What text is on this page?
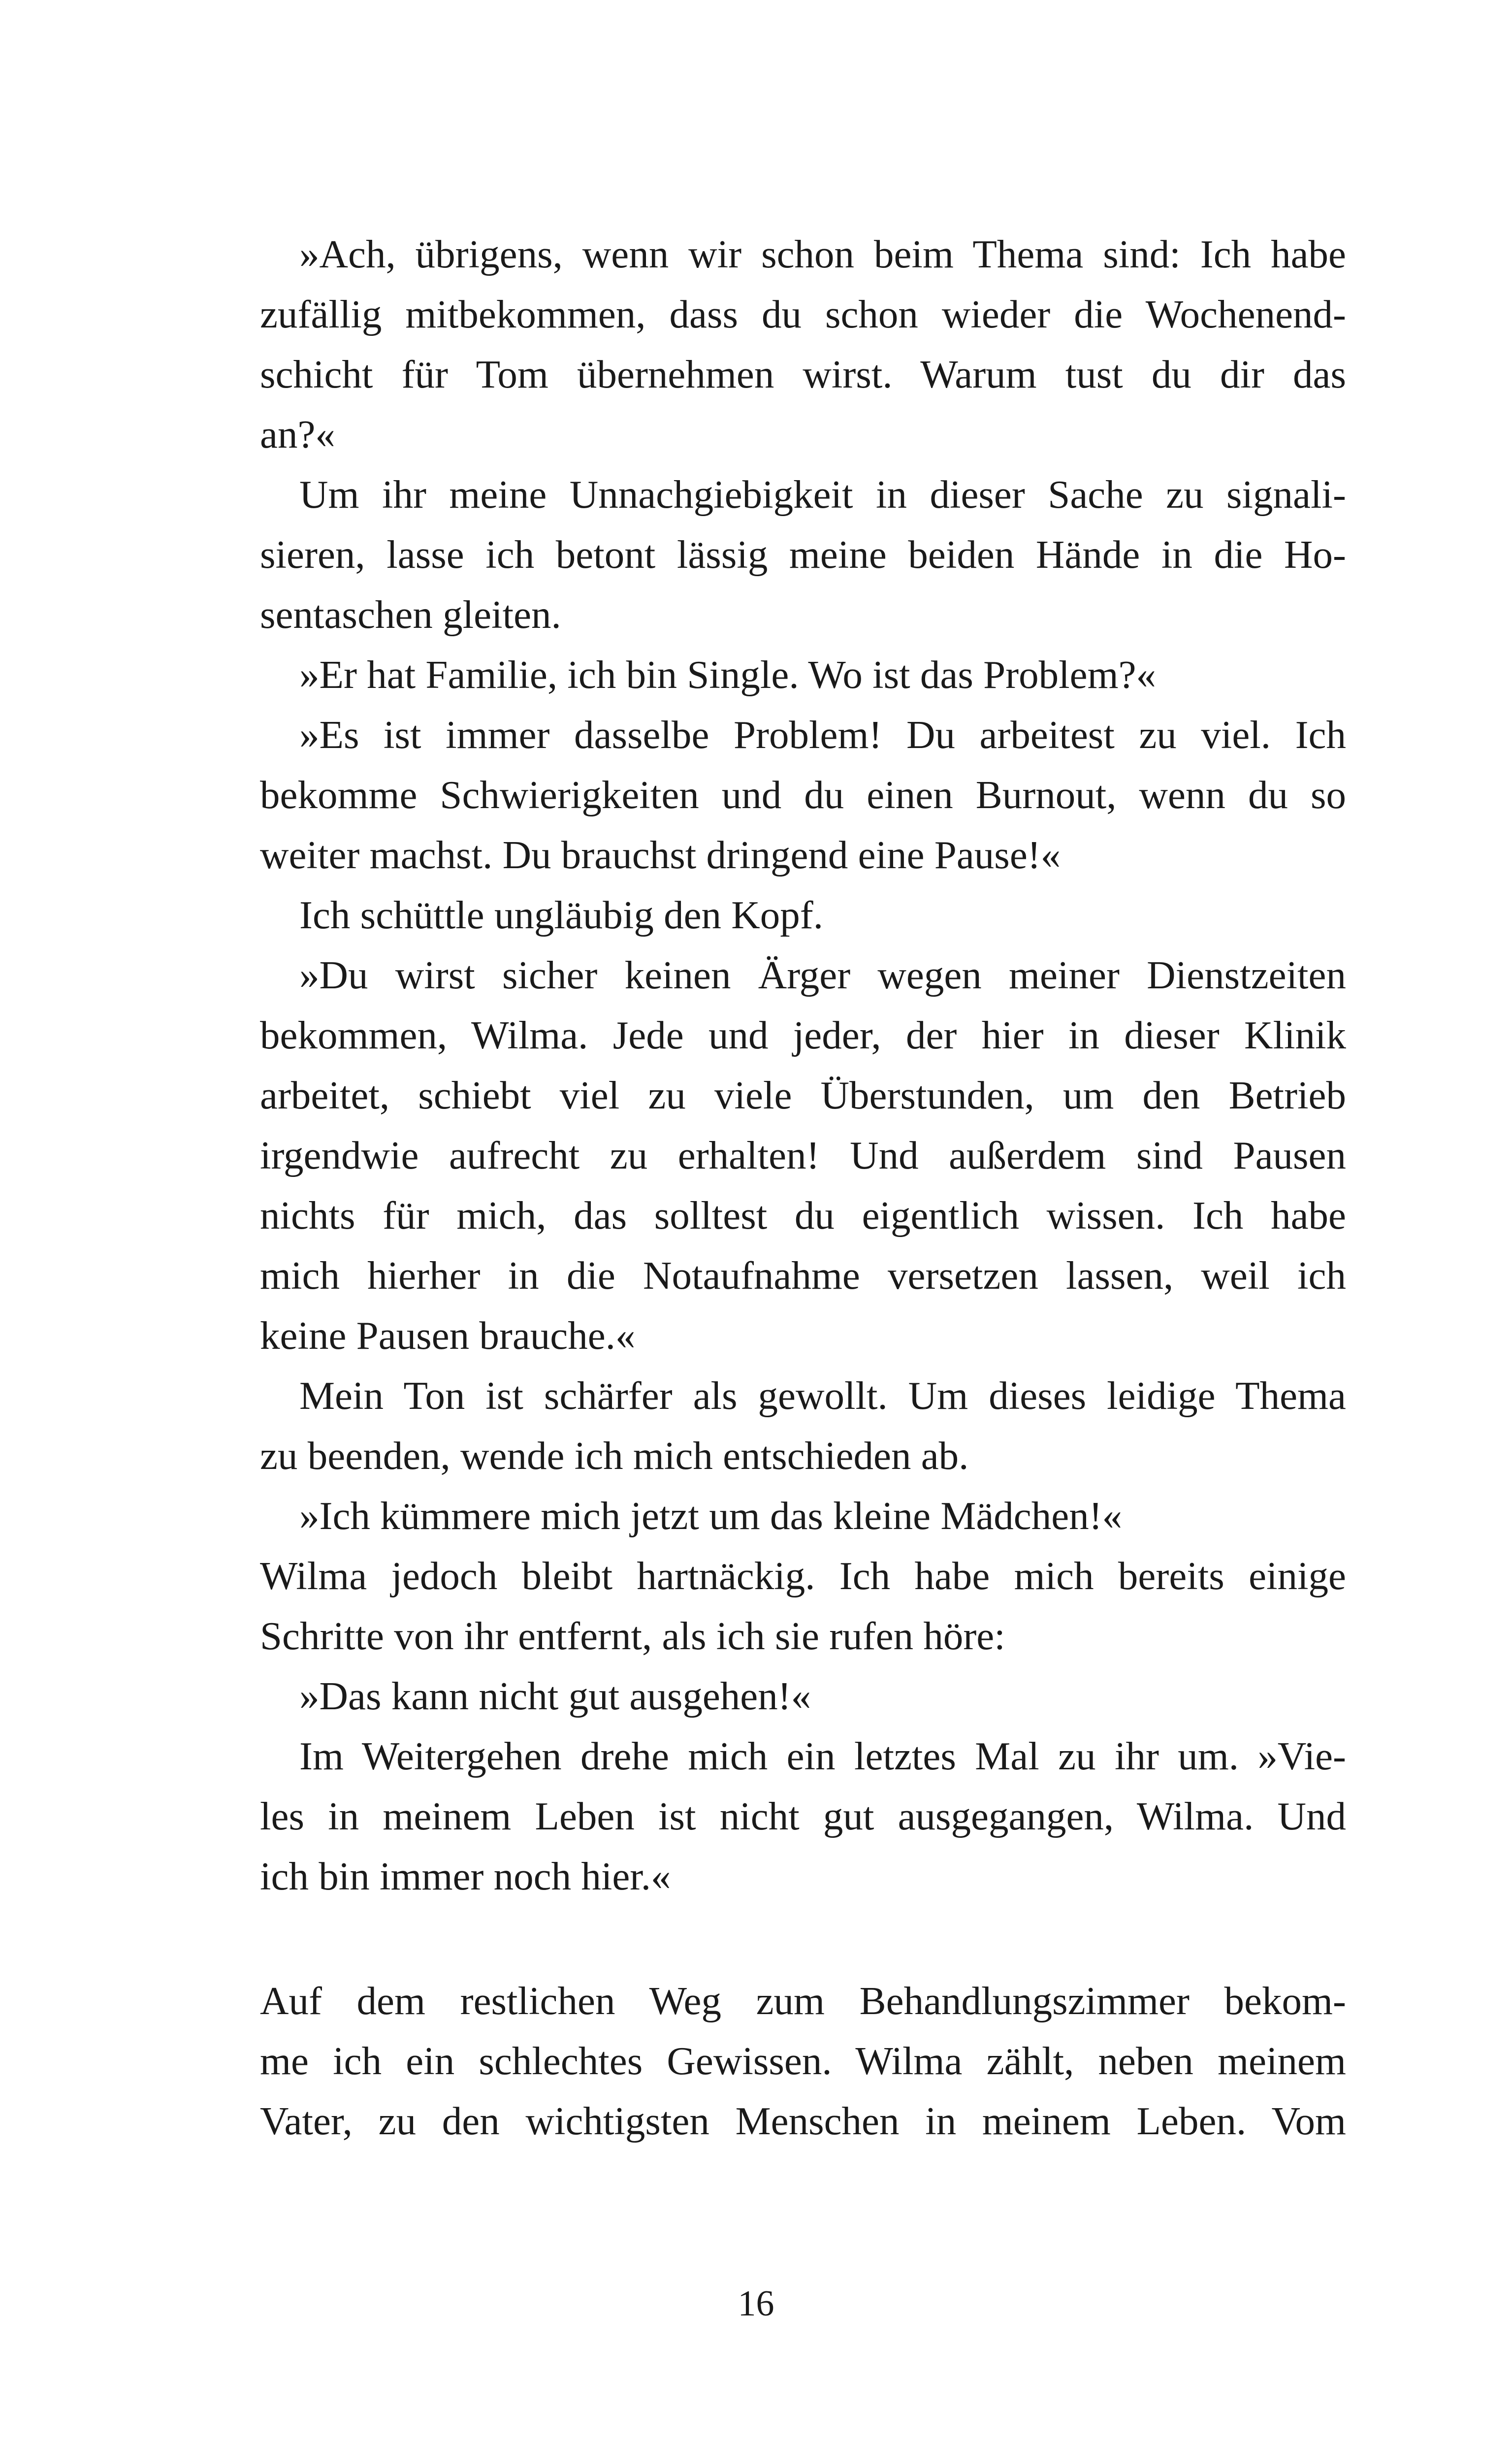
»Ach, übrigens, wenn wir schon beim Thema sind: Ich habe
zufällig mitbekommen, dass du schon wieder die Wochenend-
schicht für Tom übernehmen wirst. Warum tust du dir das
an?«
Um ihr meine Unnachgiebigkeit in dieser Sache zu signali-
sieren, lasse ich betont lässig meine beiden Hände in die Ho-
sentaschen gleiten.
»Er hat Familie, ich bin Single. Wo ist das Problem?«
»Es ist immer dasselbe Problem! Du arbeitest zu viel. Ich
bekomme Schwierigkeiten und du einen Burnout, wenn du so
weiter machst. Du brauchst dringend eine Pause!«
Ich schüttle ungläubig den Kopf.
»Du wirst sicher keinen Ärger wegen meiner Dienstzeiten
bekommen, Wilma. Jede und jeder, der hier in dieser Klinik
arbeitet, schiebt viel zu viele Überstunden, um den Betrieb
irgendwie aufrecht zu erhalten! Und außerdem sind Pausen
nichts für mich, das solltest du eigentlich wissen. Ich habe
mich hierher in die Notaufnahme versetzen lassen, weil ich
keine Pausen brauche.«
Mein Ton ist schärfer als gewollt. Um dieses leidige Thema
zu beenden, wende ich mich entschieden ab.
»Ich kümmere mich jetzt um das kleine Mädchen!«
Wilma jedoch bleibt hartnäckig. Ich habe mich bereits einige
Schritte von ihr entfernt, als ich sie rufen höre:
»Das kann nicht gut ausgehen!«
Im Weitergehen drehe mich ein letztes Mal zu ihr um. »Vie-
les in meinem Leben ist nicht gut ausgegangen, Wilma. Und
ich bin immer noch hier.«
Auf dem restlichen Weg zum Behandlungszimmer bekom-
me ich ein schlechtes Gewissen. Wilma zählt, neben meinem
Vater, zu den wichtigsten Menschen in meinem Leben. Vom
16
